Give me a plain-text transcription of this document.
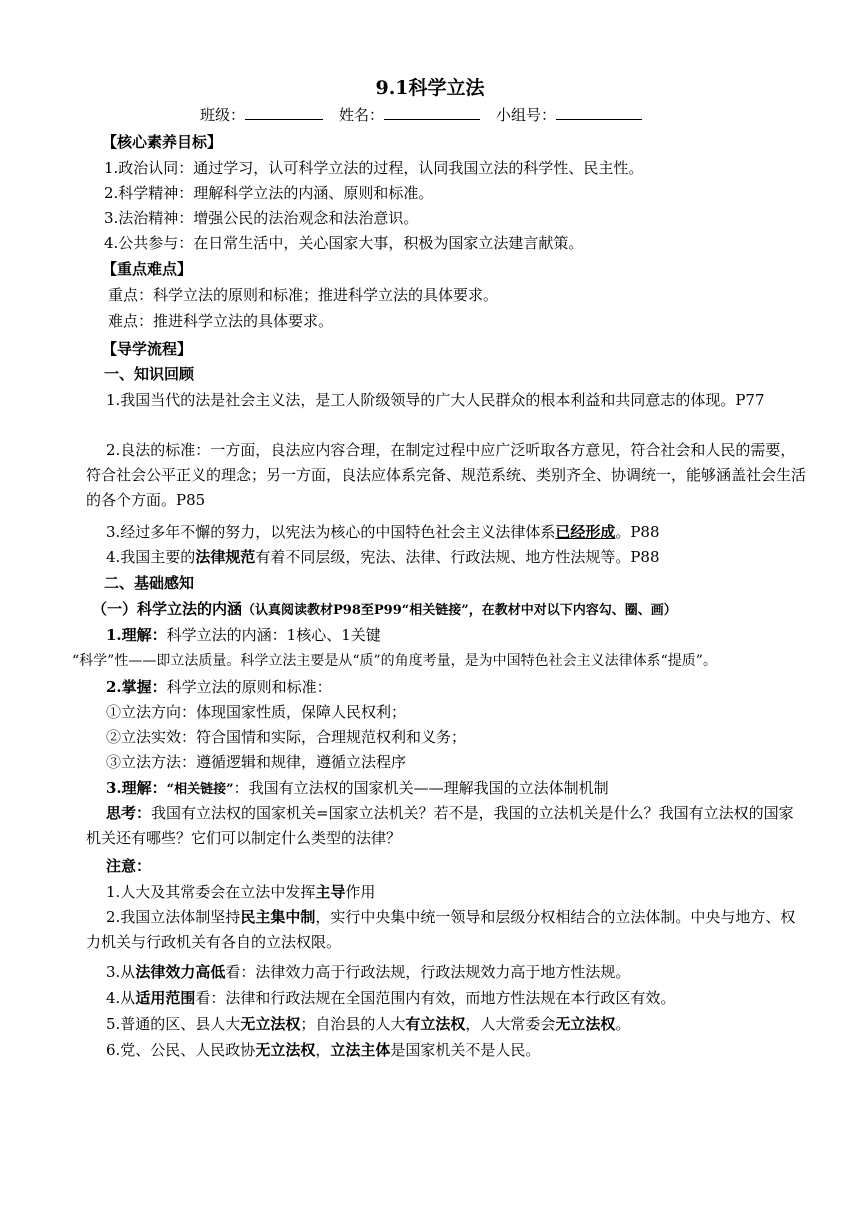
9.1科学立法
班级：	姓名：	小组号：
【核心素养目标】
1.政治认同：通过学习，认可科学立法的过程，认同我国立法的科学性、民主性。
2.科学精神：理解科学立法的内涵、原则和标准。
3.法治精神：增强公民的法治观念和法治意识。
4.公共参与：在日常生活中，关心国家大事，积极为国家立法建言献策。
【重点难点】
重点：科学立法的原则和标准；推进科学立法的具体要求。
难点：推进科学立法的具体要求。
【导学流程】
一、知识回顾
1.我国当代的法是社会主义法，是工人阶级领导的广大人民群众的根本利益和共同意志的体现。P77
2.良法的标准：一方面，良法应内容合理，在制定过程中应广泛听取各方意见，符合社会和人民的需要，符合社会公平正义的理念；另一方面，良法应体系完备、规范系统、类别齐全、协调统一，能够涵盖社会生活的各个方面。P85
3.经过多年不懈的努力，以宪法为核心的中国特色社会主义法律体系已经形成。P88
4.我国主要的法律规范有着不同层级，宪法、法律、行政法规、地方性法规等。P88
二、基础感知
（一）科学立法的内涵（认真阅读教材P98至P99“相关链接”，在教材中对以下内容勾、圈、画）
1.理解：科学立法的内涵：1核心、1关键
“科学”性——即立法质量。科学立法主要是从“质”的角度考量，是为中国特色社会主义法律体系“提质”。
2.掌握：科学立法的原则和标准：
①立法方向：体现国家性质，保障人民权利；
②立法实效：符合国情和实际，合理规范权利和义务；
③立法方法：遵循逻辑和规律，遵循立法程序
3.理解：“相关链接”：我国有立法权的国家机关——理解我国的立法体制机制
思考：我国有立法权的国家机关=国家立法机关？若不是，我国的立法机关是什么？我国有立法权的国家机关还有哪些？它们可以制定什么类型的法律？
注意：
1.人大及其常委会在立法中发挥主导作用
2.我国立法体制坚持民主集中制，实行中央集中统一领导和层级分权相结合的立法体制。中央与地方、权力机关与行政机关有各自的立法权限。
3.从法律效力高低看：法律效力高于行政法规，行政法规效力高于地方性法规。
4.从适用范围看：法律和行政法规在全国范围内有效，而地方性法规在本行政区有效。
5.普通的区、县人大无立法权；自治县的人大有立法权，人大常委会无立法权。
6.党、公民、人民政协无立法权，立法主体是国家机关不是人民。
